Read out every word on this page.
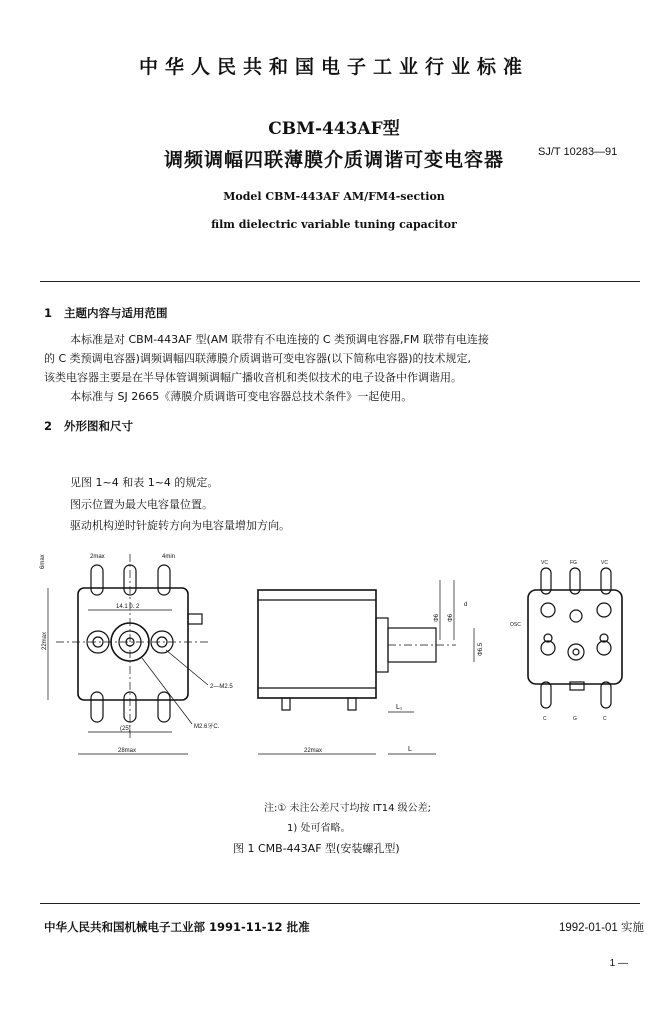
中华人民共和国电子工业行业标准
CBM-443AF型
调频调幅四联薄膜介质调谐可变电容器	SJ/T 10283—91
Model CBM-443AF AM/FM4-section
film dielectric variable tuning capacitor
1 主题内容与适用范围
本标准是对 CBM-443AF 型(AM 联带有不电连接的 C 类预调电容器,FM 联带有电连接
的 C 类预调电容器)调频调幅四联薄膜介质调谐可变电容器(以下简称电容器)的技术规定,
该类电容器主要是在半导体管调频调幅广播收音机和类似技术的电子设备中作调谐用。
本标准与 SJ 2665《薄膜介质调谐可变电容器总技术条件》一起使用。
2 外形图和尺寸
见图 1~4 和表 1~4 的规定。
图示位置为最大电容量位置。
驱动机构逆时针旋转方向为电容量增加方向。
14.1 0. 2
2max	4min
6max
22max
(25)
28max
2—M2.5
M2.6牙C.
22max	L
L₁
Φ6 Φ6
d
Φ6.5
VC	FG	VC
C	G	C
OSC
注:① 未注公差尺寸均按 IT14 级公差;
1) 处可省略。
图 1 CMB-443AF 型(安装螺孔型)
中华人民共和国机械电子工业部 1991-11-12 批准	1992-01-01 实施
1 —
